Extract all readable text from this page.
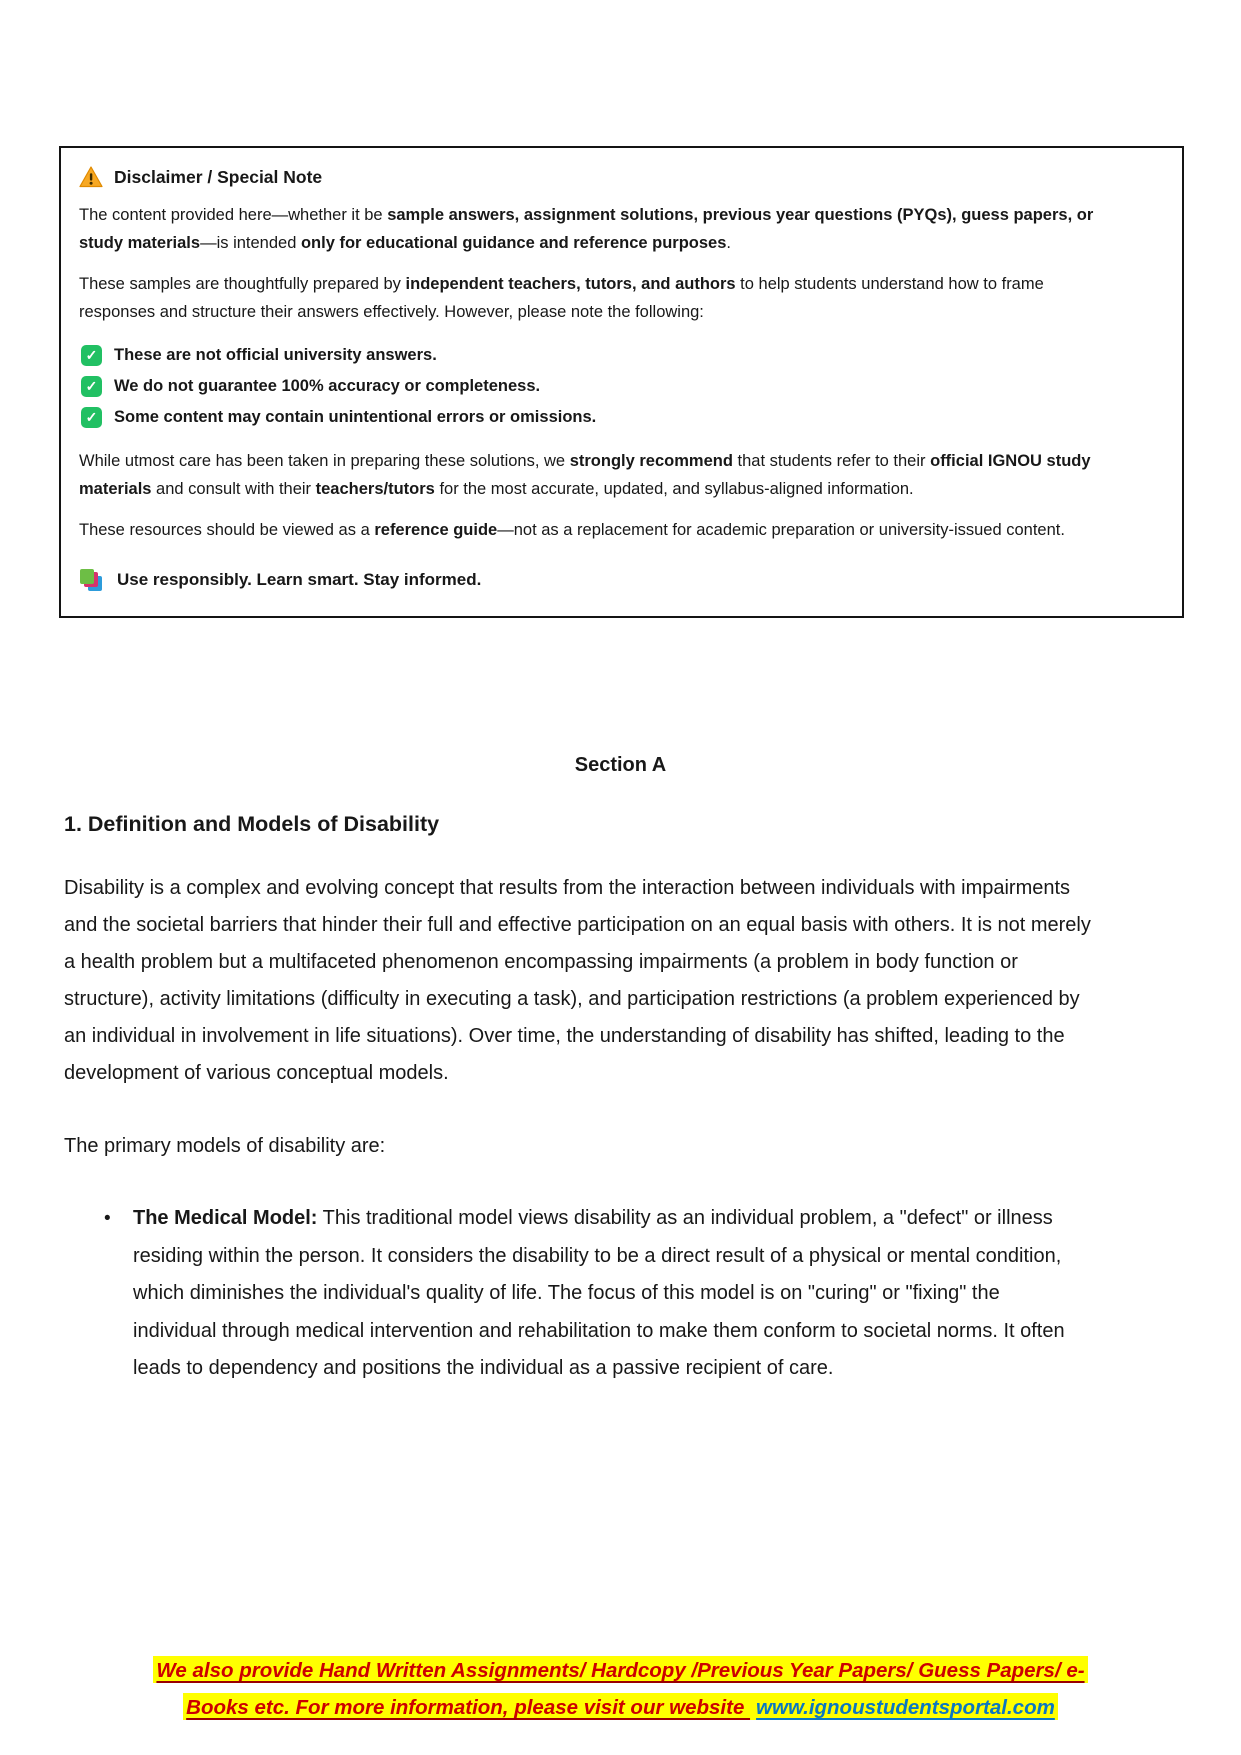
Disclaimer / Special Note

The content provided here—whether it be sample answers, assignment solutions, previous year questions (PYQs), guess papers, or study materials—is intended only for educational guidance and reference purposes.

These samples are thoughtfully prepared by independent teachers, tutors, and authors to help students understand how to frame responses and structure their answers effectively. However, please note the following:

✓ These are not official university answers.
✓ We do not guarantee 100% accuracy or completeness.
✓ Some content may contain unintentional errors or omissions.

While utmost care has been taken in preparing these solutions, we strongly recommend that students refer to their official IGNOU study materials and consult with their teachers/tutors for the most accurate, updated, and syllabus-aligned information.

These resources should be viewed as a reference guide—not as a replacement for academic preparation or university-issued content.

Use responsibly. Learn smart. Stay informed.

Section A
1. Definition and Models of Disability

Disability is a complex and evolving concept that results from the interaction between individuals with impairments and the societal barriers that hinder their full and effective participation on an equal basis with others. It is not merely a health problem but a multifaceted phenomenon encompassing impairments (a problem in body function or structure), activity limitations (difficulty in executing a task), and participation restrictions (a problem experienced by an individual in involvement in life situations). Over time, the understanding of disability has shifted, leading to the development of various conceptual models.

The primary models of disability are:

• The Medical Model: This traditional model views disability as an individual problem, a "defect" or illness residing within the person. It considers the disability to be a direct result of a physical or mental condition, which diminishes the individual's quality of life. The focus of this model is on "curing" or "fixing" the individual through medical intervention and rehabilitation to make them conform to societal norms. It often leads to dependency and positions the individual as a passive recipient of care.
We also provide Hand Written Assignments/ Hardcopy /Previous Year Papers/ Guess Papers/ e-
Books etc. For more information, please visit our website www.ignoustudentsportal.com
